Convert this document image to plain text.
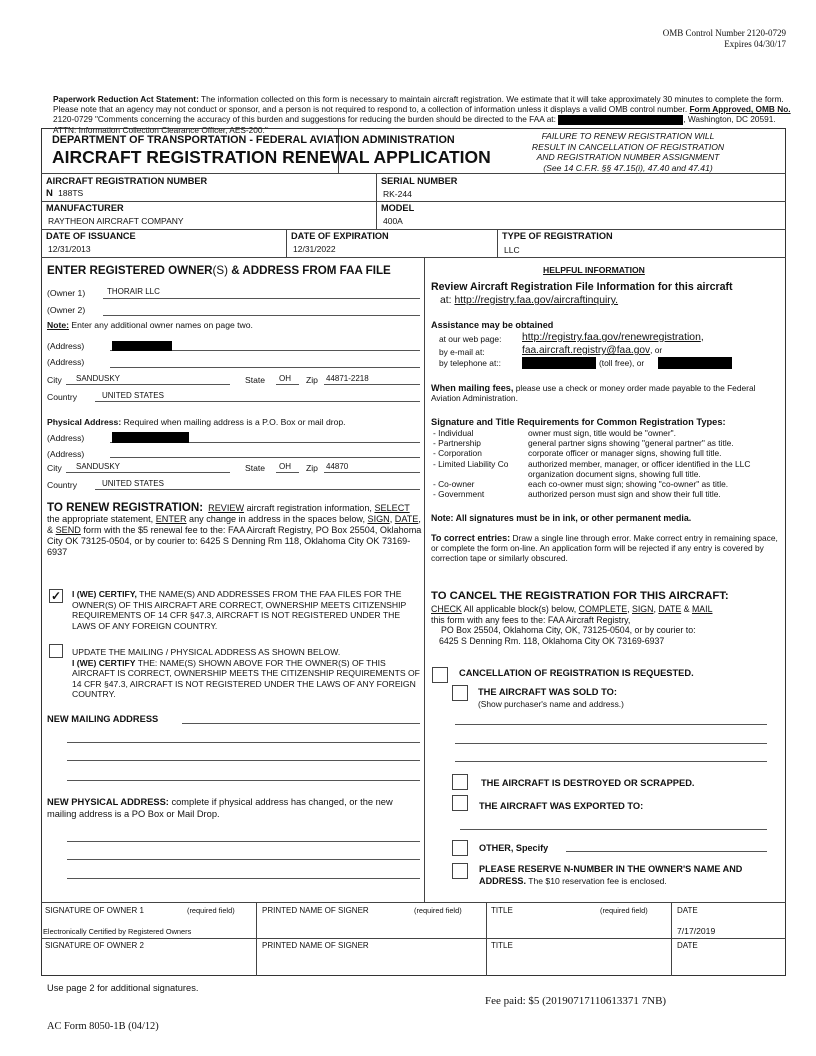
OMB Control Number 2120-0729
Expires 04/30/17
Paperwork Reduction Act Statement: The information collected on this form is necessary to maintain aircraft registration. We estimate that it will take approximately 30 minutes to complete the form. Please note that an agency may not conduct or sponsor, and a person is not required to respond to, a collection of information unless it displays a valid OMB control number. Form Approved, OMB No. 2120-0729 "Comments concerning the accuracy of this burden and suggestions for reducing the burden should be directed to the FAA at:	, Washington, DC 20591. ATTN: Information Collection Clearance Officer, AES-200."
DEPARTMENT OF TRANSPORTATION - FEDERAL AVIATION ADMINISTRATION
AIRCRAFT REGISTRATION RENEWAL APPLICATION
FAILURE TO RENEW REGISTRATION WILL
RESULT IN CANCELLATION OF REGISTRATION
AND REGISTRATION NUMBER ASSIGNMENT
(See 14 C.F.R. §§ 47.15(i), 47.40 and 47.41)
AIRCRAFT REGISTRATION NUMBER
N 188TS
SERIAL NUMBER
RK-244
MANUFACTURER
RAYTHEON AIRCRAFT COMPANY
MODEL
400A
DATE OF ISSUANCE
12/31/2013
DATE OF EXPIRATION
12/31/2022
TYPE OF REGISTRATION
LLC
ENTER REGISTERED OWNER(S) & ADDRESS FROM FAA FILE
(Owner 1)	THORAIR LLC
(Owner 2)
Note: Enter any additional owner names on page two.
(Address)
(Address)
City SANDUSKY	State OH Zip 44871-2218
Country	UNITED STATES
Physical Address: Required when mailing address is a P.O. Box or mail drop.
(Address)
(Address)
City SANDUSKY	State OH Zip 44870
Country	UNITED STATES
TO RENEW REGISTRATION: REVIEW aircraft registration information, SELECT the appropriate statement, ENTER any change in address in the spaces below, SIGN, DATE, & SEND form with the $5 renewal fee to the: FAA Aircraft Registry, PO Box 25504, Oklahoma City OK 73125-0504, or by courier to: 6425 S Denning Rm 118, Oklahoma City OK 73169-6937
✓ I (WE) CERTIFY, THE NAME(S) AND ADDRESSES FROM THE FAA FILES FOR THE OWNER(S) OF THIS AIRCRAFT ARE CORRECT, OWNERSHIP MEETS CITIZENSHIP REQUIREMENTS OF 14 CFR §47.3, AIRCRAFT IS NOT REGISTERED UNDER THE LAWS OF ANY FOREIGN COUNTRY.
UPDATE THE MAILING / PHYSICAL ADDRESS AS SHOWN BELOW.
I (WE) CERTIFY THE: NAME(S) SHOWN ABOVE FOR THE OWNER(S) OF THIS AIRCRAFT IS CORRECT, OWNERSHIP MEETS THE CITIZENSHIP REQUIREMENTS OF 14 CFR §47.3, AIRCRAFT IS NOT REGISTERED UNDER THE LAWS OF ANY FOREIGN COUNTRY.
NEW MAILING ADDRESS
NEW PHYSICAL ADDRESS: complete if physical address has changed, or the new mailing address is a PO Box or Mail Drop.
HELPFUL INFORMATION
Review Aircraft Registration File Information for this aircraft
at: http://registry.faa.gov/aircraftinquiry.
Assistance may be obtained
at our web page: http://registry.faa.gov/renewregistration,
by e-mail at:	faa.aircraft.registry@faa.gov, or
by telephone at::	(toll free), or
When mailing fees, please use a check or money order made payable to the Federal Aviation Administration.
Signature and Title Requirements for Common Registration Types:
- Individual	owner must sign, title would be "owner".
- Partnership	general partner signs showing "general partner" as title.
- Corporation	corporate officer or manager signs, showing full title.
- Limited Liability Co	authorized member, manager, or officer identified in the LLC organization document signs, showing full title.
- Co-owner	each co-owner must sign; showing "co-owner" as title.
- Government	authorized person must sign and show their full title.
Note: All signatures must be in ink, or other permanent media.
To correct entries: Draw a single line through error. Make correct entry in remaining space, or complete the form on-line. An application form will be rejected if any entry is covered by correction tape or similarly obscured.
TO CANCEL THE REGISTRATION FOR THIS AIRCRAFT:
CHECK All applicable block(s) below, COMPLETE, SIGN, DATE & MAIL
this form with any fees to the: FAA Aircraft Registry,
PO Box 25504, Oklahoma City, OK, 73125-0504, or by courier to:
6425 S Denning Rm. 118, Oklahoma City OK 73169-6937
CANCELLATION OF REGISTRATION IS REQUESTED.
THE AIRCRAFT WAS SOLD TO:
(Show purchaser's name and address.)
THE AIRCRAFT IS DESTROYED OR SCRAPPED.
THE AIRCRAFT WAS EXPORTED TO:
OTHER, Specify
PLEASE RESERVE N-NUMBER IN THE OWNER'S NAME AND ADDRESS. The $10 reservation fee is enclosed.
SIGNATURE OF OWNER 1	(required field)	PRINTED NAME OF SIGNER	(required field)	TITLE	(required field)	DATE
Electronically Certified by Registered Owners	7/17/2019
SIGNATURE OF OWNER 2	PRINTED NAME OF SIGNER	TITLE	DATE
Use page 2 for additional signatures.
Fee paid: $5 (20190717110613371 7NB)
AC Form 8050-1B (04/12)
